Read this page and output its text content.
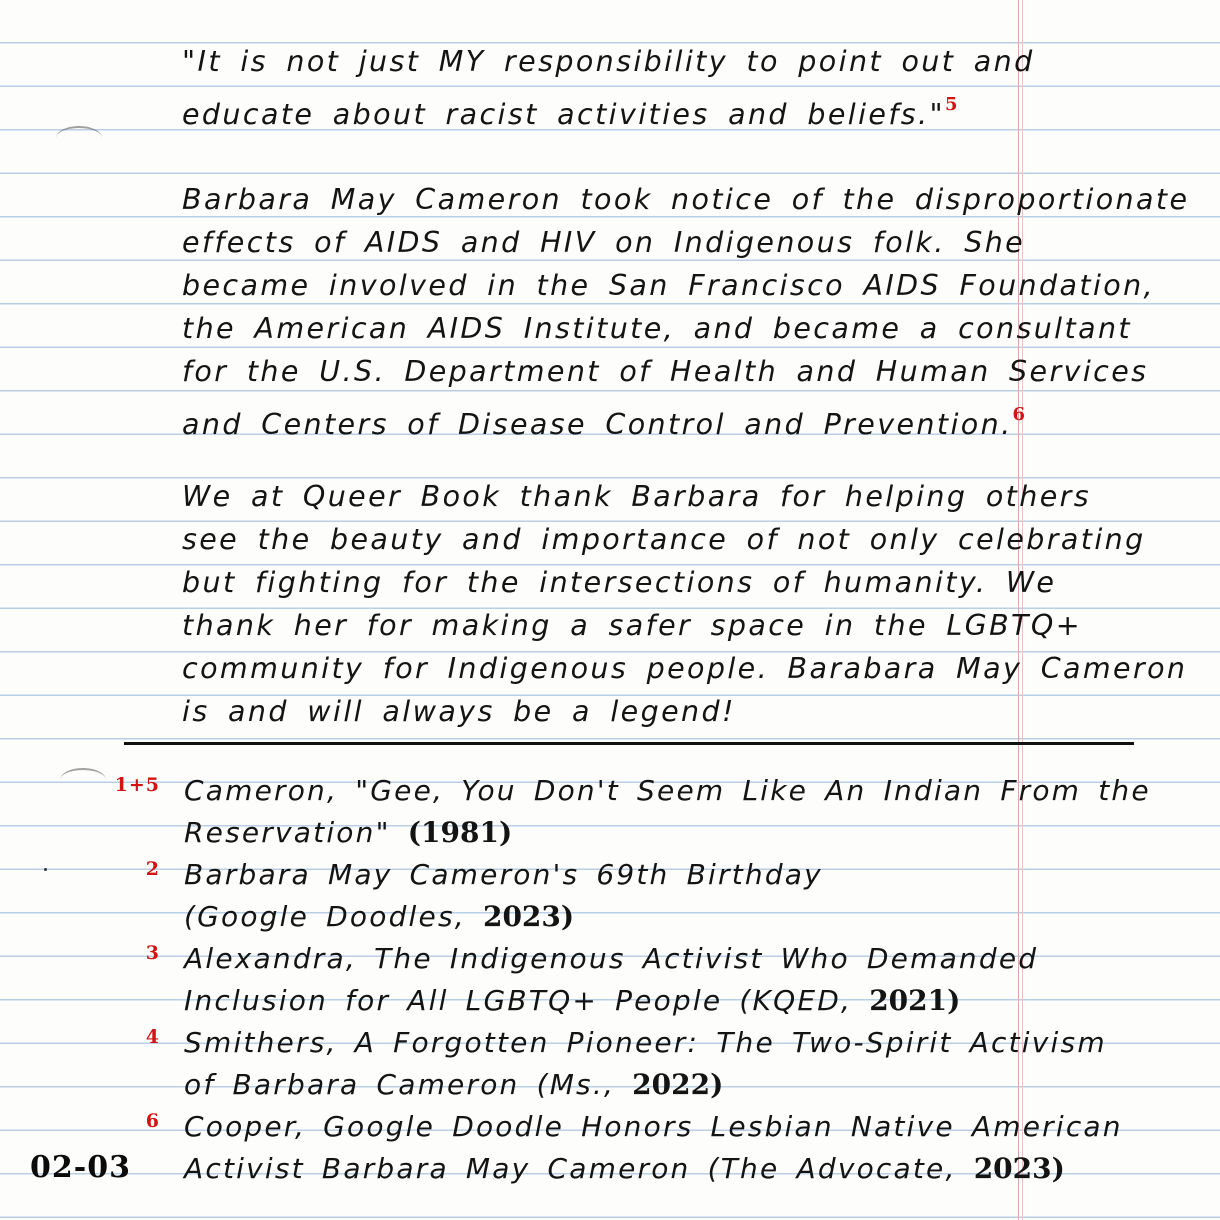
"It is not just MY responsibility to point out and
educate about racist activities and beliefs."$^5$

Barbara May Cameron took notice of the disproportionate
effects of AIDS and HIV on Indigenous folk. She
became involved in the San Francisco AIDS Foundation,
the American AIDS Institute, and became a consultant
for the U.S. Department of Health and Human Services
and Centers of Disease Control and Prevention.$^6$

We at Queer Book thank Barbara for helping others
see the beauty and importance of not only celebrating
but fighting for the intersections of humanity. We
thank her for making a safer space in the LGBTQ+
community for Indigenous people. Barabara May Cameron
is and will always be a legend!

1+5 Cameron, "Gee, You Don't Seem Like An Indian From the
Reservation" (1981)

2 Barbara May Cameron's 69th Birthday
(Google Doodles, 2023)

3 Alexandra, The Indigenous Activist Who Demanded
Inclusion for All LGBTQ+ People (KQED, 2021)

4 Smithers, A Forgotten Pioneer: The Two-Spirit Activism
of Barbara Cameron (Ms., 2022)

6 Cooper, Google Doodle Honors Lesbian Native American
Activist Barbara May Cameron (The Advocate, 2023)

02-03
